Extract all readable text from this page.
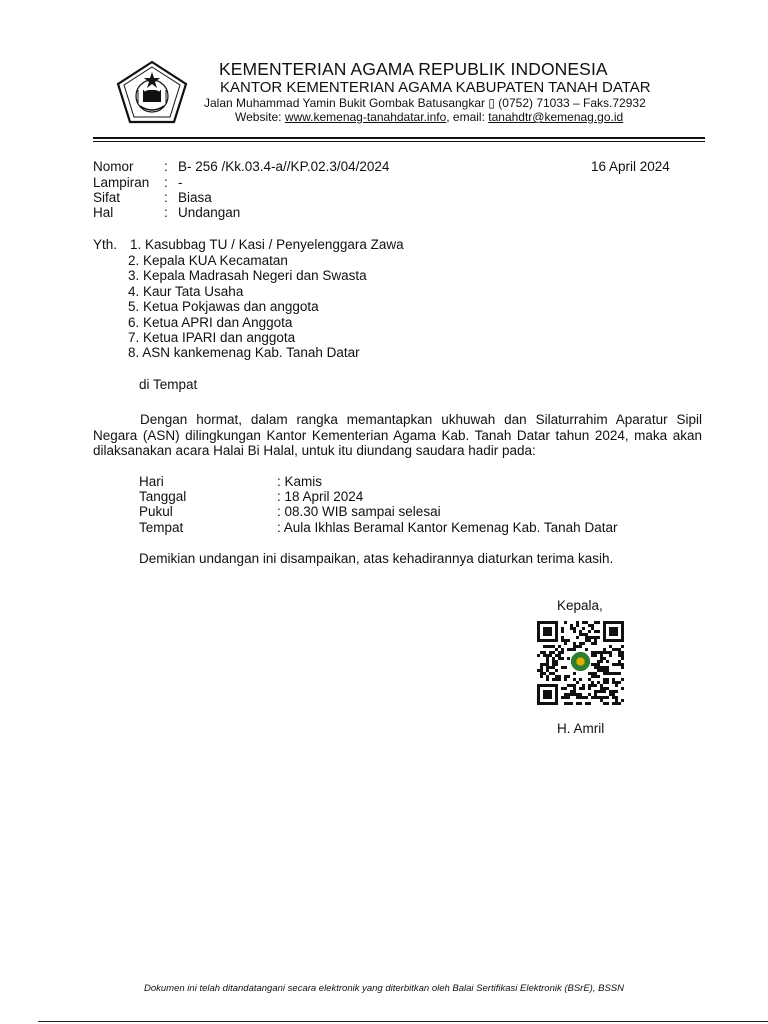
KEMENTERIAN AGAMA REPUBLIK INDONESIA
KANTOR KEMENTERIAN AGAMA KABUPATEN TANAH DATAR
Jalan Muhammad Yamin Bukit Gombak Batusangkar ▯ (0752) 71033 – Faks.72932
Website: www.kemenag-tanahdatar.info, email: tanahdtr@kemenag.go.id
Nomor : B- 256 /Kk.03.4-a//KP.02.3/04/2024	16 April 2024
Lampiran : -
Sifat	: Biasa
Hal	: Undangan
Yth. 1. Kasubbag TU / Kasi / Penyelenggara Zawa
2. Kepala KUA Kecamatan
3. Kepala Madrasah Negeri dan Swasta
4. Kaur Tata Usaha
5. Ketua Pokjawas dan anggota
6. Ketua APRI dan Anggota
7. Ketua IPARI dan anggota
8. ASN kankemenag Kab. Tanah Datar
di Tempat
Dengan hormat, dalam rangka memantapkan ukhuwah dan Silaturrahim Aparatur Sipil Negara (ASN) dilingkungan Kantor Kementerian Agama Kab. Tanah Datar tahun 2024, maka akan dilaksanakan acara Halai Bi Halal, untuk itu diundang saudara hadir pada:
Hari	: Kamis
Tanggal	: 18 April 2024
Pukul	: 08.30 WIB sampai selesai
Tempat	: Aula Ikhlas Beramal Kantor Kemenag Kab. Tanah Datar
Demikian undangan ini disampaikan, atas kehadirannya diaturkan terima kasih.
Kepala,
H. Amril
Dokumen ini telah ditandatangani secara elektronik yang diterbitkan oleh Balai Sertifikasi Elektronik (BSrE), BSSN
